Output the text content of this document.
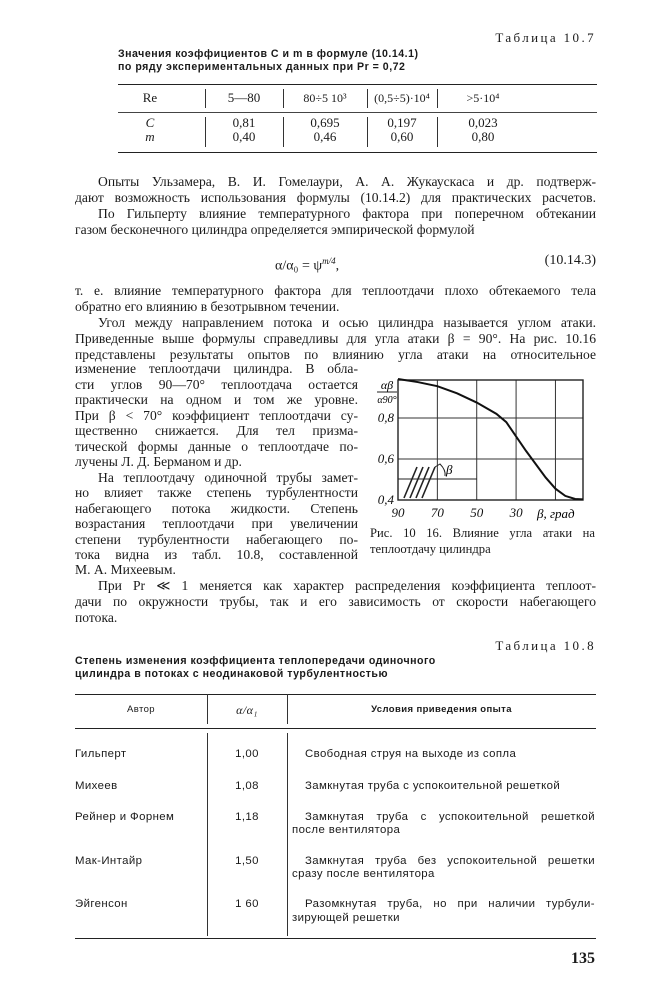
Таблица 10.7
Значения коэффициентов C и m в формуле (10.14.1)
по ряду экспериментальных данных при Pr = 0,72
Re	5—80	80÷5 10³	(0,5÷5)·10⁴	>5·10⁴
C	0,81	0,695	0,197	0,023
m	0,40	0,46	0,60	0,80
Опыты Ульзамера, В. И. Гомелаури, А. А. Жукаускаса и др. подтверж-
дают возможность использования формулы (10.14.2) для практических расчетов.
По Гильперту влияние температурного фактора при поперечном обтекании
газом бесконечного цилиндра определяется эмпирической формулой
$\alpha/\alpha_0 = \psi^{m/4}$,	(10.14.3)
т. е. влияние температурного фактора для теплоотдачи плохо обтекаемого тела
обратно его влиянию в безотрывном течении.
Угол между направлением потока и осью цилиндра называется углом атаки.
Приведенные выше формулы справедливы для угла атаки β = 90°. На рис. 10.16
представлены результаты опытов по влиянию угла атаки на относительное
изменение теплоотдачи цилиндра. В обла-
сти углов 90—70° теплоотдача остается
практически на одном и том же уровне.
При β < 70° коэффициент теплоотдачи су-
щественно снижается. Для тел призма-
тической формы данные о теплоотдаче по-
лучены Л. Д. Берманом и др.
На теплоотдачу одиночной трубы замет-
но влияет также степень турбулентности
набегающего потока жидкости. Степень
возрастания теплоотдачи при увеличении
степени турбулентности набегающего по-
тока видна из табл. 10.8, составленной
М. А. Михеевым.
При Pr ≪ 1 меняется как характер распределения коэффициента теплоот-
дачи по окружности трубы, так и его зависимость от скорости набегающего
потока.
β
0,8
0,6
0,4
90 70 50 30
αβ
α90°
β, град
Рис. 10 16. Влияние угла атаки на
теплоотдачу цилиндра
Таблица 10.8
Степень изменения коэффициента теплопередачи одиночного
цилиндра в потоках с неодинаковой турбулентностью
Автор	α/α₁	Условия приведения опыта
Гильперт	1,00	Свободная струя на выходе из сопла
Михеев	1,08	Замкнутая труба с успокоительной решеткой
Рейнер и Форнем	1,18	Замкнутая труба с успокоительной решеткой
после вентилятора
Мак-Интайр	1,50	Замкнутая труба без успокоительной решетки
сразу после вентилятора
Эйгенсон	1 60	Разомкнутая труба, но при наличии турбули-
зирующей решетки
135
